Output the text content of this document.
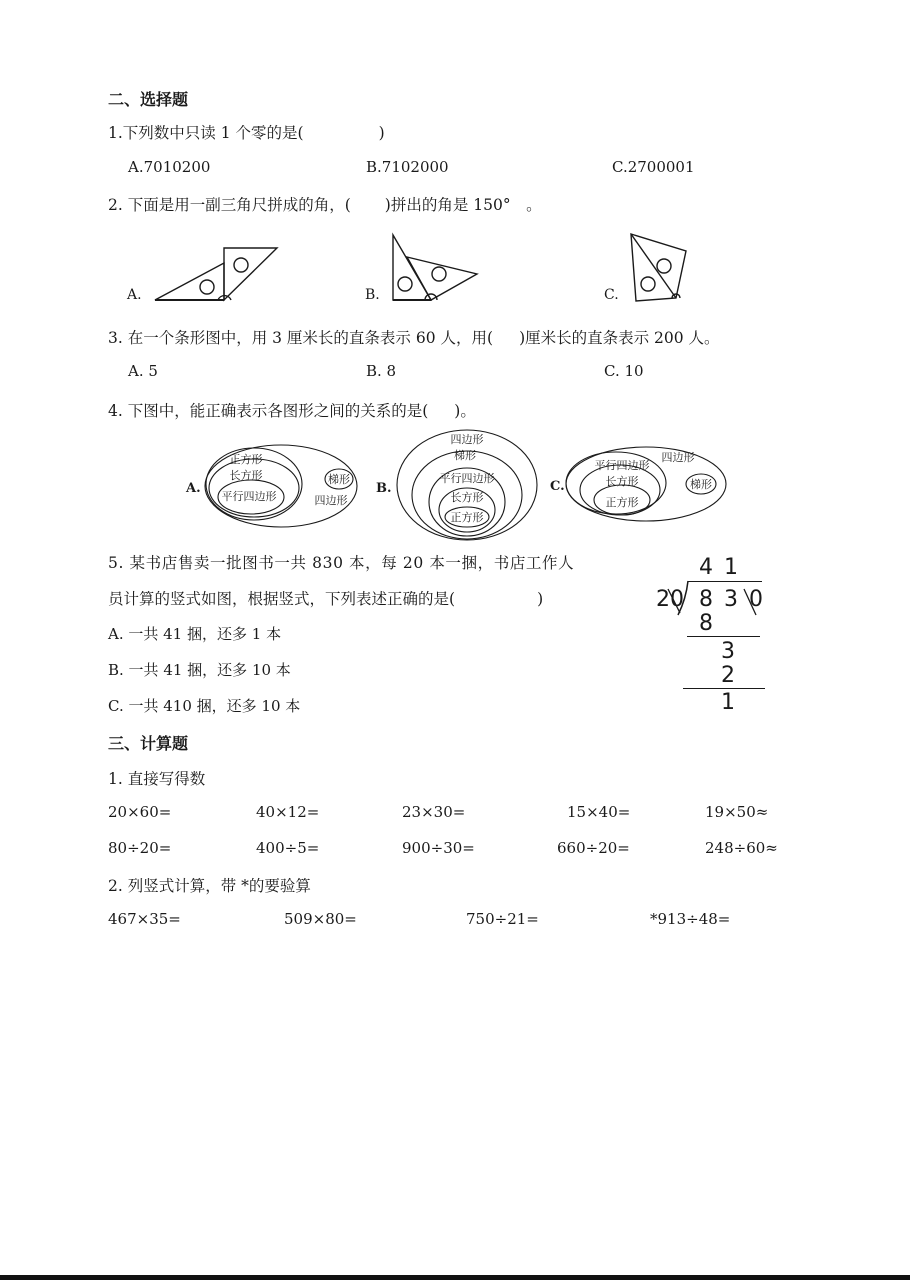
二、选择题
1.下列数中只读 1 个零的是(	)
A.7010200	B.7102000	C.2700001
2. 下面是用一副三角尺拼成的角，( )拼出的角是 150°　。
A.	B.	C.
3. 在一个条形图中，用 3 厘米长的直条表示 60 人，用( )厘米长的直条表示 200 人。
A. 5	B. 8	C. 10
4. 下图中，能正确表示各图形之间的关系的是( )。
A.
正方形
长方形
平行四边形
梯形
四边形
B.
四边形
梯形
平行四边形
长方形
正方形
C.
平行四边形
长方形
正方形
四边形
梯形
5. 某书店售卖一批图书一共 830 本，每 20 本一捆，书店工作人
员计算的竖式如图，根据竖式，下列表述正确的是(	)
A. 一共 41 捆，还多 1 本
B. 一共 41 捆，还多 10 本
C. 一共 410 捆，还多 10 本
4 1
20 8 3 0
8
3
2
1
三、计算题
1. 直接写得数
20×60=	40×12=	23×30=	15×40=	19×50≈
80÷20=	400÷5=	900÷30=	660÷20=	248÷60≈
2. 列竖式计算，带 *的要验算
467×35=	509×80=	750÷21=	*913÷48=
